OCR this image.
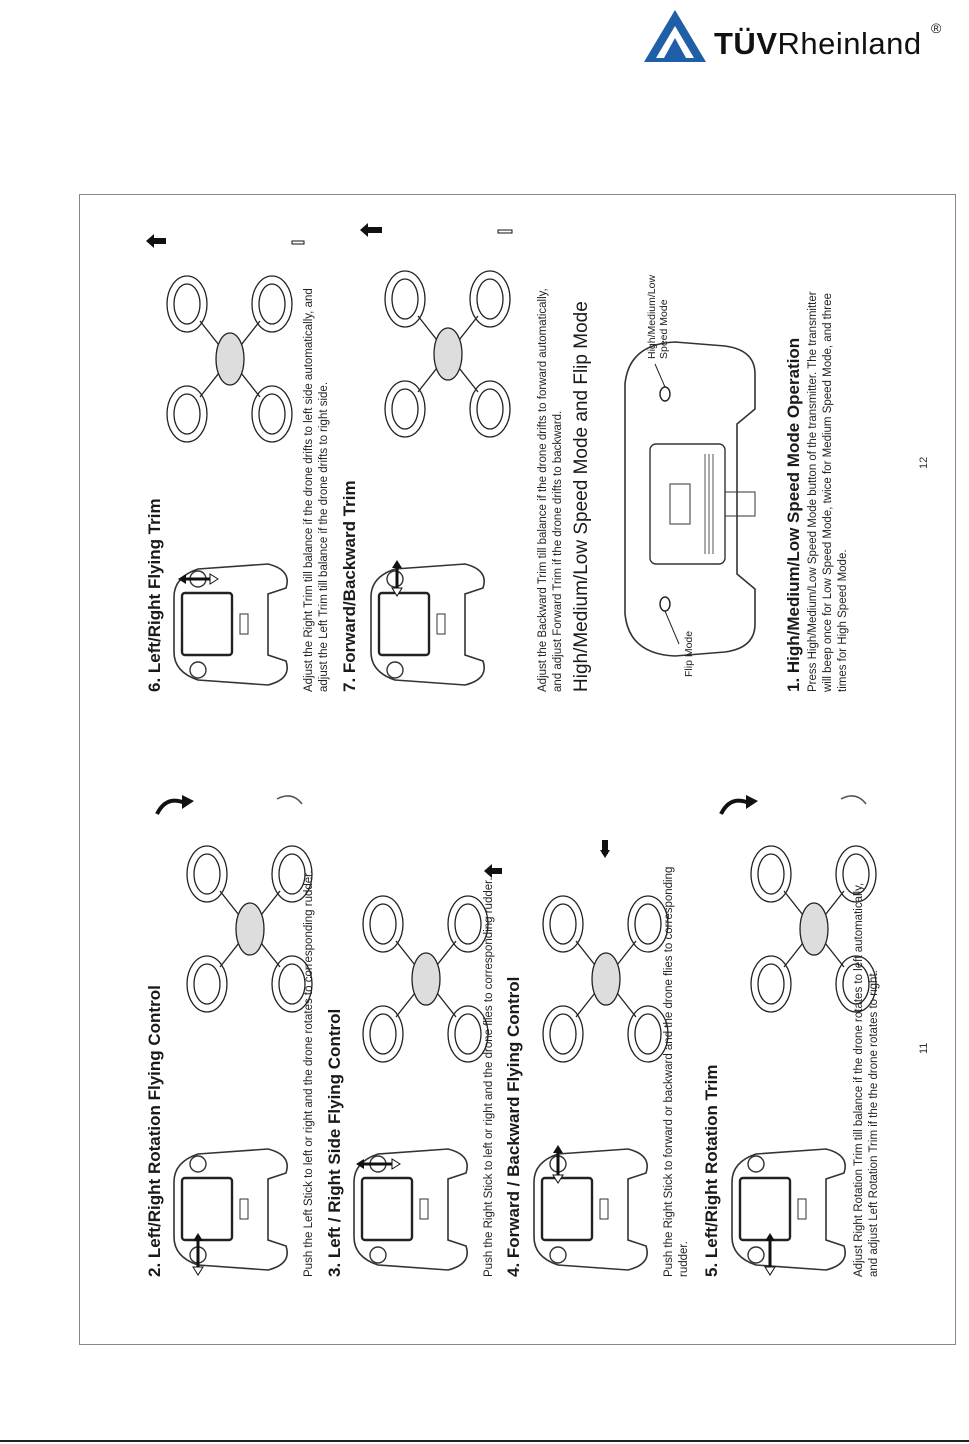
TÜVRheinland ®
2. Left/Right Rotation Flying Control	Push the Left Stick to left or right and the drone rotates to corresponding rudder. 3. Left / Right Side Flying Control	Push the Right Stick to left or right and the drone flies to corresponding rudder. 4. Forward / Backward Flying Control	Push the Right Stick to forward or backward and the drone flies to corresponding rudder. 5. Left/Right Rotation Trim	Adjust Right Rotation Trim till balance if the drone rotates to left automatically, and adjust Left Rotation Trim if the the drone rotates to right.	11
6. Left/Right Flying Trim	Adjust the Right Trim till balance if the drone drifts to left side automatically, and adjust the Left Trim till balance if the drone drifts to right side. 7. Forward/Backward Trim	Adjust the Backward Trim till balance if the drone drifts to forward automatically, and adjust Forward Trim if the drone drifts to backward. High/Medium/Low Speed Mode and Flip Mode	Flip Mode
High/Medium/Low Speed Mode
1. High/Medium/Low Speed Mode Operation Press High/Medium/Low Speed Mode button of the transmitter. The transmitter will beep once for Low Speed Mode, twice for Medium Speed Mode, and three times for High Speed Mode.
12
